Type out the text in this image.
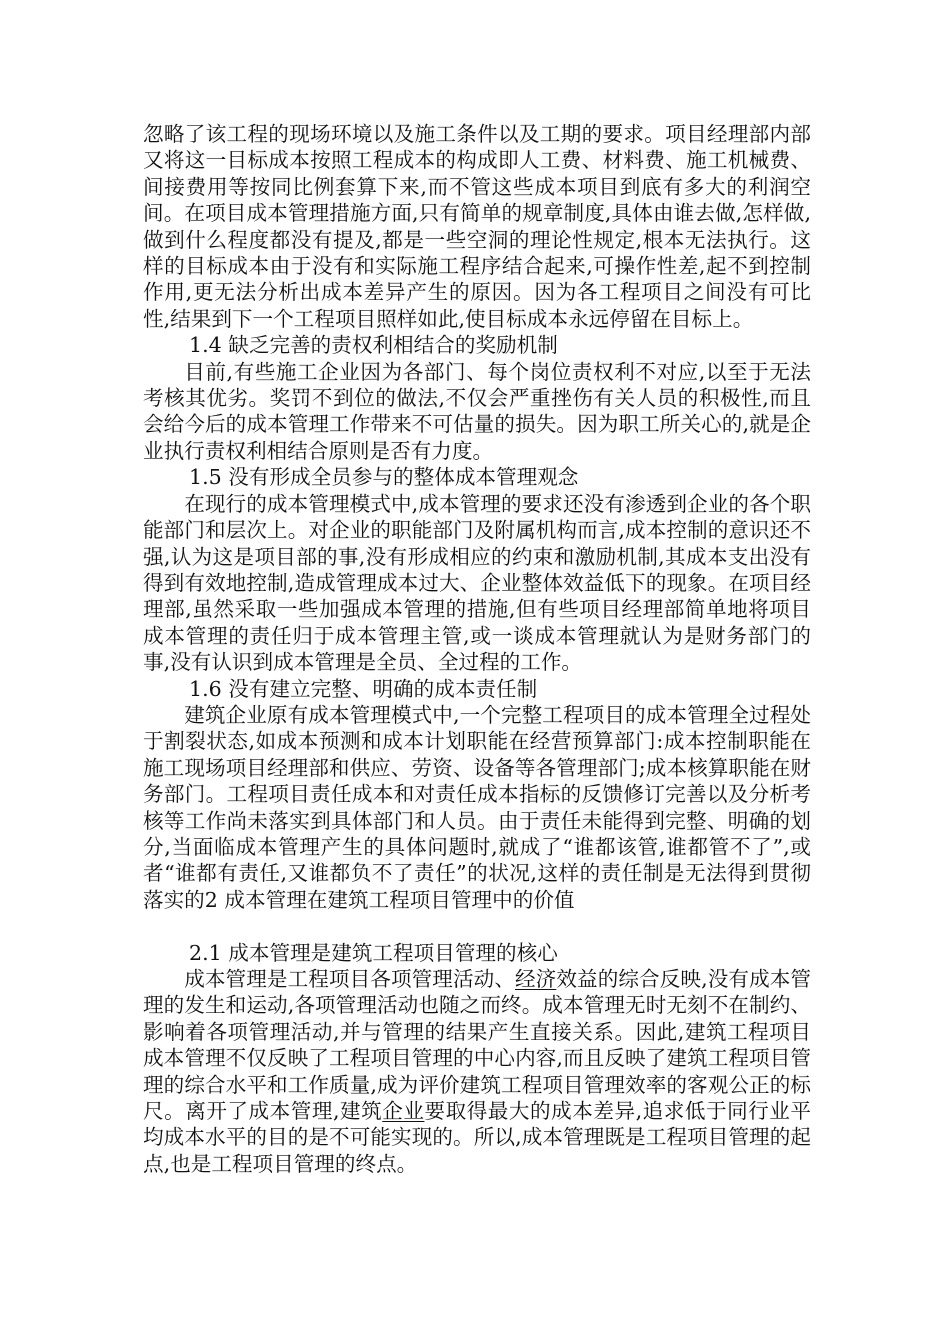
忽略了该工程的现场环境以及施工条件以及工期的要求。项目经理部内部又将这一目标成本按照工程成本的构成即人工费、材料费、施工机械费、间接费用等按同比例套算下来,而不管这些成本项目到底有多大的利润空间。在项目成本管理措施方面,只有简单的规章制度,具体由谁去做,怎样做,做到什么程度都没有提及,都是一些空洞的理论性规定,根本无法执行。这样的目标成本由于没有和实际施工程序结合起来,可操作性差,起不到控制作用,更无法分析出成本差异产生的原因。因为各工程项目之间没有可比性,结果到下一个工程项目照样如此,使目标成本永远停留在目标上。

1.4 缺乏完善的责权利相结合的奖励机制

目前,有些施工企业因为各部门、每个岗位责权利不对应,以至于无法考核其优劣。奖罚不到位的做法,不仅会严重挫伤有关人员的积极性,而且会给今后的成本管理工作带来不可估量的损失。因为职工所关心的,就是企业执行责权利相结合原则是否有力度。

1.5 没有形成全员参与的整体成本管理观念

在现行的成本管理模式中,成本管理的要求还没有渗透到企业的各个职能部门和层次上。对企业的职能部门及附属机构而言,成本控制的意识还不强,认为这是项目部的事,没有形成相应的约束和激励机制,其成本支出没有得到有效地控制,造成管理成本过大、企业整体效益低下的现象。在项目经理部,虽然采取一些加强成本管理的措施,但有些项目经理部简单地将项目成本管理的责任归于成本管理主管,或一谈成本管理就认为是财务部门的事,没有认识到成本管理是全员、全过程的工作。

1.6 没有建立完整、明确的成本责任制

建筑企业原有成本管理模式中,一个完整工程项目的成本管理全过程处于割裂状态,如成本预测和成本计划职能在经营预算部门:成本控制职能在施工现场项目经理部和供应、劳资、设备等各管理部门;成本核算职能在财务部门。工程项目责任成本和对责任成本指标的反馈修订完善以及分析考核等工作尚未落实到具体部门和人员。由于责任未能得到完整、明确的划分,当面临成本管理产生的具体问题时,就成了“谁都该管,谁都管不了”,或者“谁都有责任,又谁都负不了责任”的状况,这样的责任制是无法得到贯彻落实的2 成本管理在建筑工程项目管理中的价值

2.1 成本管理是建筑工程项目管理的核心

成本管理是工程项目各项管理活动、经济效益的综合反映,没有成本管理的发生和运动,各项管理活动也随之而终。成本管理无时无刻不在制约、影响着各项管理活动,并与管理的结果产生直接关系。因此,建筑工程项目成本管理不仅反映了工程项目管理的中心内容,而且反映了建筑工程项目管理的综合水平和工作质量,成为评价建筑工程项目管理效率的客观公正的标尺。离开了成本管理,建筑企业要取得最大的成本差异,追求低于同行业平均成本水平的目的是不可能实现的。所以,成本管理既是工程项目管理的起点,也是工程项目管理的终点。
